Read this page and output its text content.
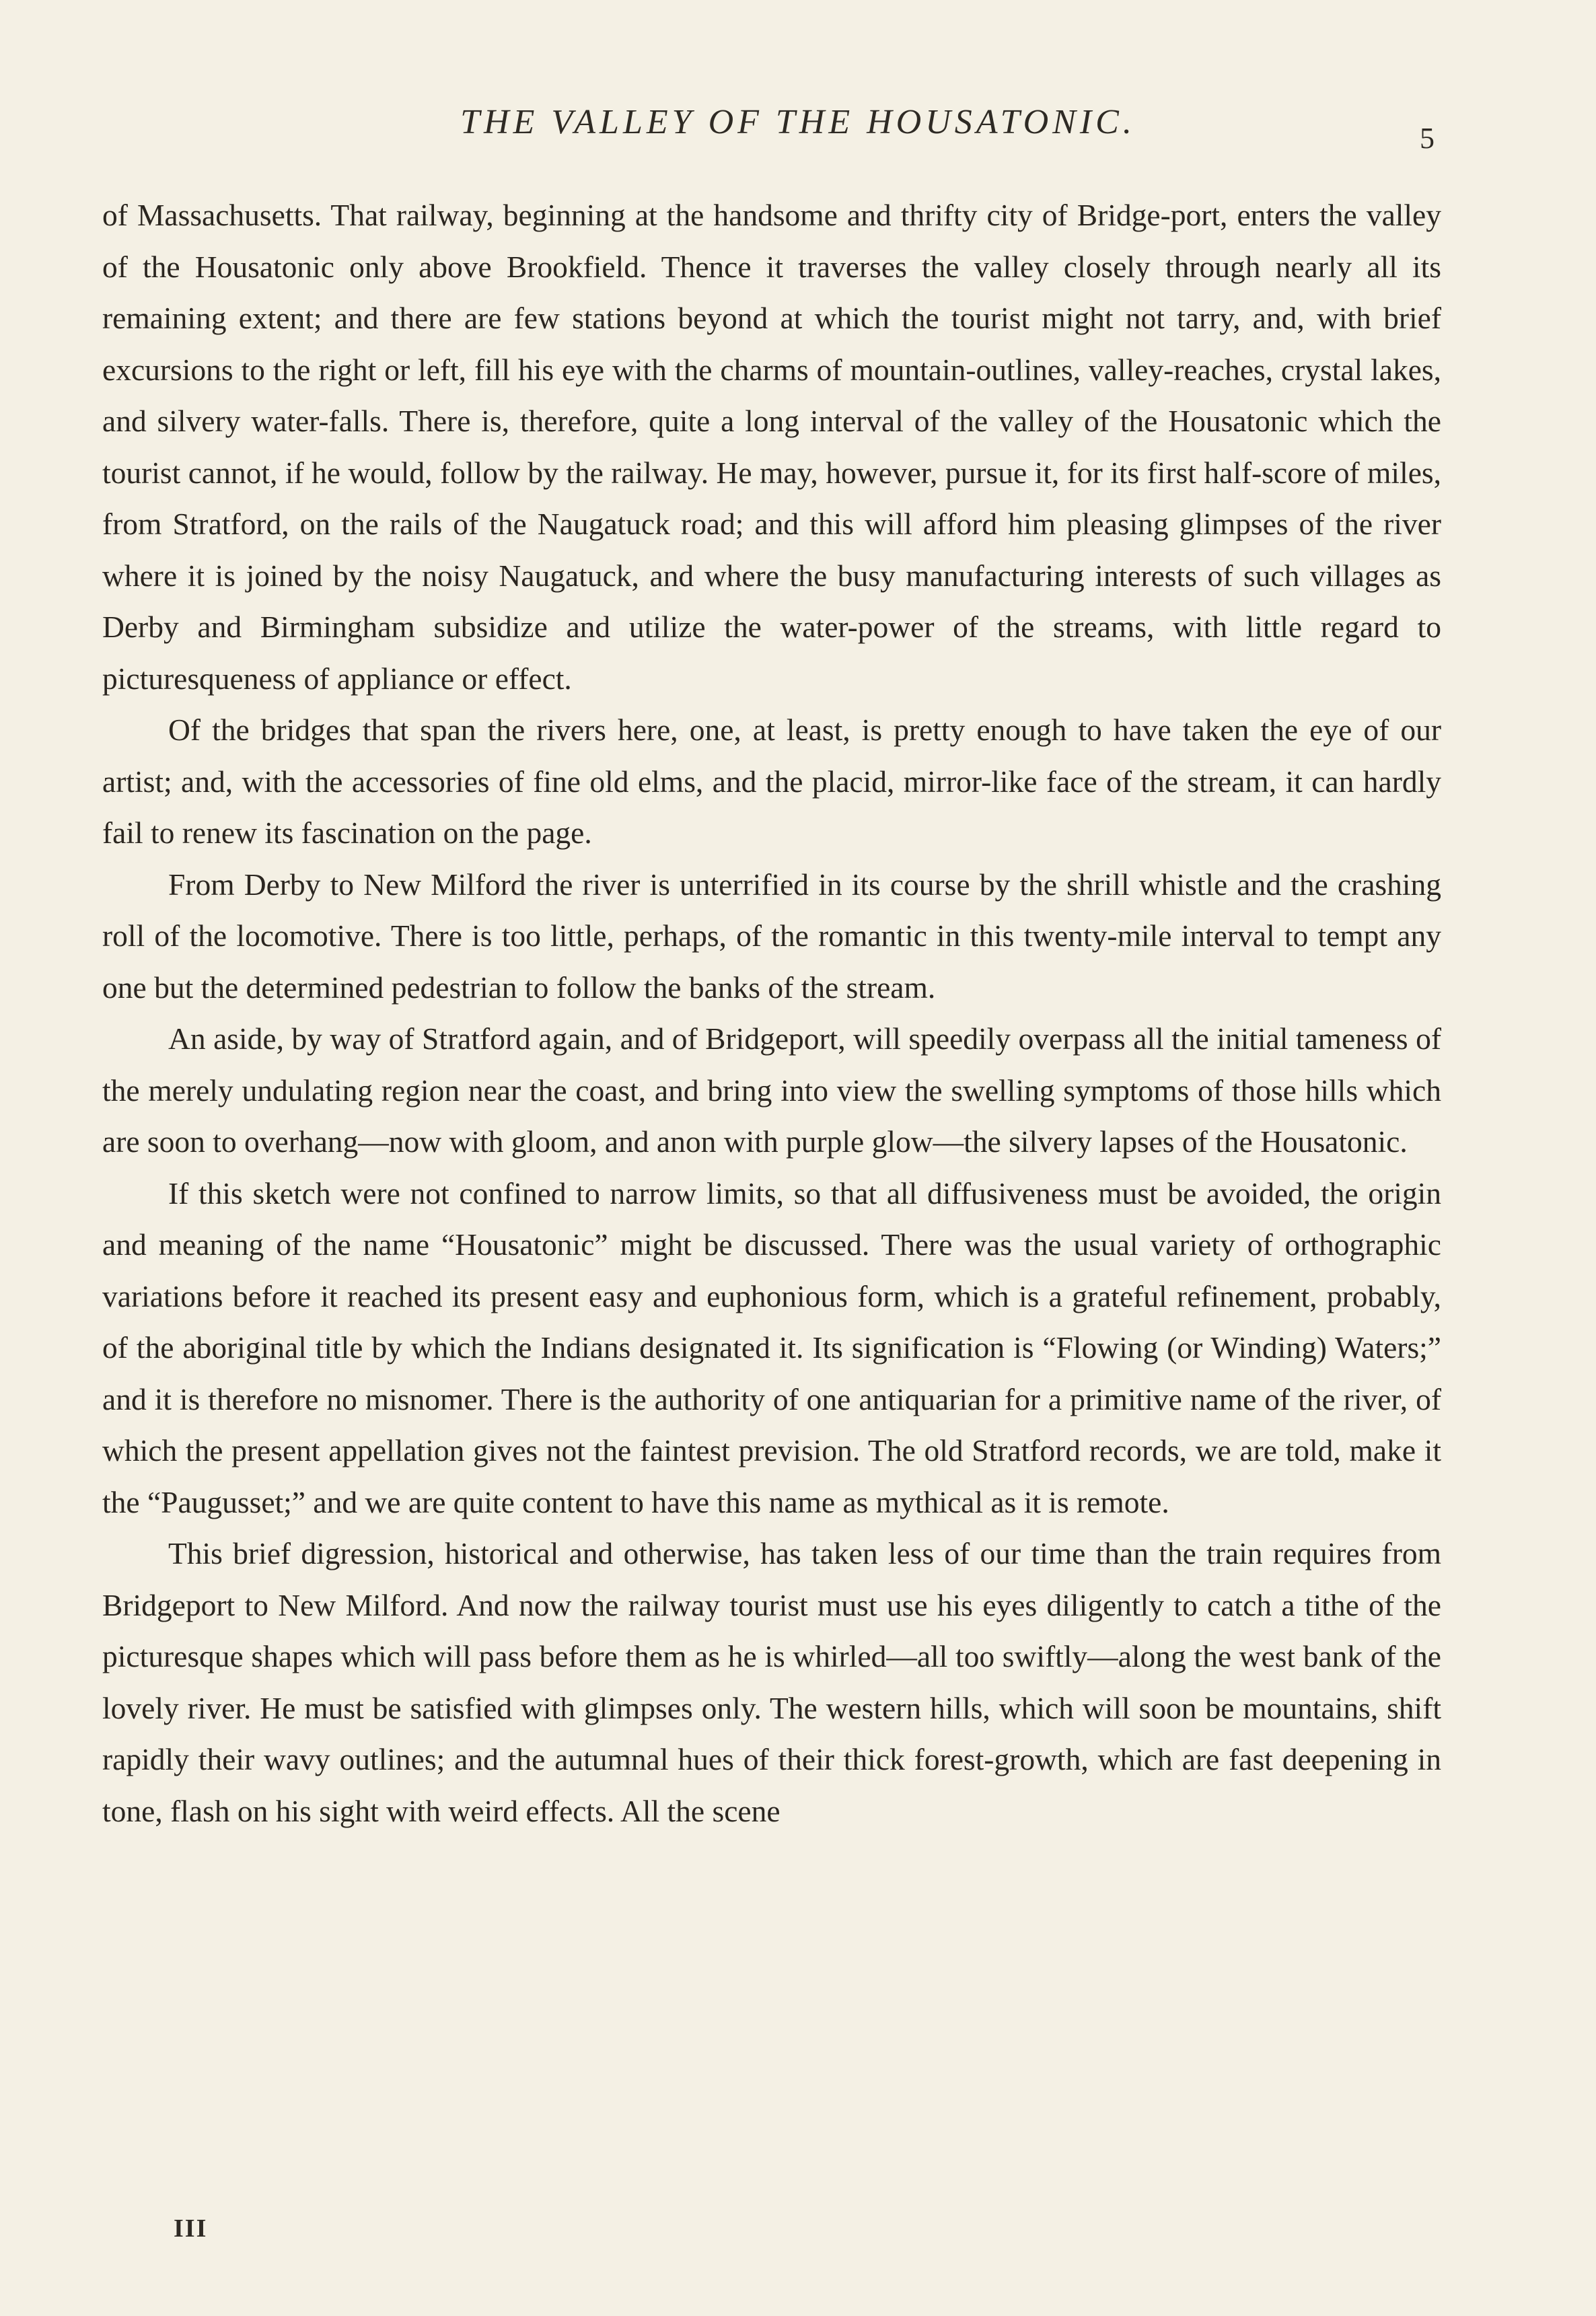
THE VALLEY OF THE HOUSATONIC.	5

of Massachusetts. That railway, beginning at the handsome and thrifty city of Bridge-port, enters the valley of the Housatonic only above Brookfield. Thence it traverses the valley closely through nearly all its remaining extent; and there are few stations beyond at which the tourist might not tarry, and, with brief excursions to the right or left, fill his eye with the charms of mountain-outlines, valley-reaches, crystal lakes, and silvery water-falls. There is, therefore, quite a long interval of the valley of the Housatonic which the tourist cannot, if he would, follow by the railway. He may, however, pursue it, for its first half-score of miles, from Stratford, on the rails of the Naugatuck road; and this will afford him pleasing glimpses of the river where it is joined by the noisy Naugatuck, and where the busy manufacturing interests of such villages as Derby and Birmingham subsidize and utilize the water-power of the streams, with little regard to picturesqueness of appliance or effect.

Of the bridges that span the rivers here, one, at least, is pretty enough to have taken the eye of our artist; and, with the accessories of fine old elms, and the placid, mirror-like face of the stream, it can hardly fail to renew its fascination on the page.

From Derby to New Milford the river is unterrified in its course by the shrill whistle and the crashing roll of the locomotive. There is too little, perhaps, of the romantic in this twenty-mile interval to tempt any one but the determined pedestrian to follow the banks of the stream.

An aside, by way of Stratford again, and of Bridgeport, will speedily overpass all the initial tameness of the merely undulating region near the coast, and bring into view the swelling symptoms of those hills which are soon to overhang—now with gloom, and anon with purple glow—the silvery lapses of the Housatonic.

If this sketch were not confined to narrow limits, so that all diffusiveness must be avoided, the origin and meaning of the name “Housatonic” might be discussed. There was the usual variety of orthographic variations before it reached its present easy and euphonious form, which is a grateful refinement, probably, of the aboriginal title by which the Indians designated it. Its signification is “Flowing (or Winding) Waters;” and it is therefore no misnomer. There is the authority of one antiquarian for a primitive name of the river, of which the present appellation gives not the faintest prevision. The old Stratford records, we are told, make it the “Paugusset;” and we are quite content to have this name as mythical as it is remote.

This brief digression, historical and otherwise, has taken less of our time than the train requires from Bridgeport to New Milford. And now the railway tourist must use his eyes diligently to catch a tithe of the picturesque shapes which will pass before them as he is whirled—all too swiftly—along the west bank of the lovely river. He must be satisfied with glimpses only. The western hills, which will soon be mountains, shift rapidly their wavy outlines; and the autumnal hues of their thick forest-growth, which are fast deepening in tone, flash on his sight with weird effects. All the scene

III
